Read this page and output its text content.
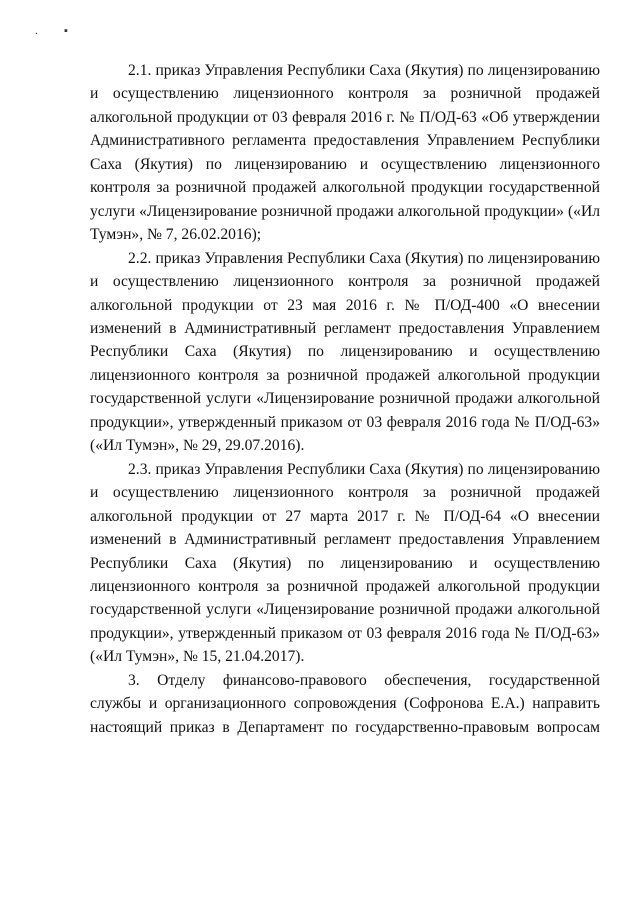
. ▪

2.1. приказ Управления Республики Саха (Якутия) по лицензированию и осуществлению лицензионного контроля за розничной продажей алкогольной продукции от 03 февраля 2016 г. № П/ОД-63 «Об утверждении Административного регламента предоставления Управлением Республики Саха (Якутия) по лицензированию и осуществлению лицензионного контроля за розничной продажей алкогольной продукции государственной услуги «Лицензирование розничной продажи алкогольной продукции» («Ил Тумэн», № 7, 26.02.2016);

2.2. приказ Управления Республики Саха (Якутия) по лицензированию и осуществлению лицензионного контроля за розничной продажей алкогольной продукции от 23 мая 2016 г. № П/ОД-400 «О внесении изменений в Административный регламент предоставления Управлением Республики Саха (Якутия) по лицензированию и осуществлению лицензионного контроля за розничной продажей алкогольной продукции государственной услуги «Лицензирование розничной продажи алкогольной продукции», утвержденный приказом от 03 февраля 2016 года № П/ОД-63» («Ил Тумэн», № 29, 29.07.2016).

2.3. приказ Управления Республики Саха (Якутия) по лицензированию и осуществлению лицензионного контроля за розничной продажей алкогольной продукции от 27 марта 2017 г. № П/ОД-64 «О внесении изменений в Административный регламент предоставления Управлением Республики Саха (Якутия) по лицензированию и осуществлению лицензионного контроля за розничной продажей алкогольной продукции государственной услуги «Лицензирование розничной продажи алкогольной продукции», утвержденный приказом от 03 февраля 2016 года № П/ОД-63» («Ил Тумэн», № 15, 21.04.2017).

3. Отделу финансово-правового обеспечения, государственной службы и организационного сопровождения (Софронова Е.А.) направить настоящий приказ в Департамент по государственно-правовым вопросам
